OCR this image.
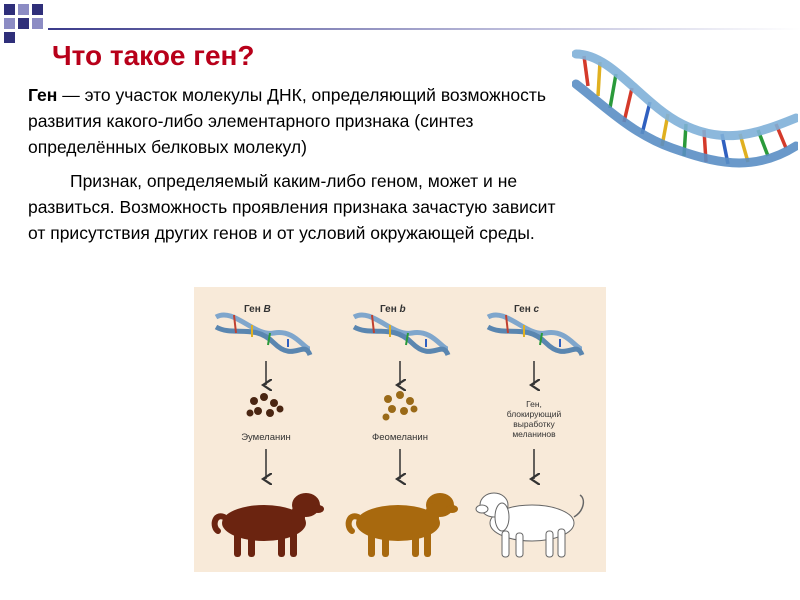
Что такое ген?

Ген — это участок молекулы ДНК, определяющий возможность развития какого-либо элементарного признака (синтез определённых белковых молекул)

Признак, определяемый каким-либо геном, может и не развиться. Возможность проявления признака зачастую зависит от присутствия других генов и от условий окружающей среды.

Ген B	Ген b	Ген c
Эумеланин	Феомеланин
Ген, блокирующий выработку меланинов
